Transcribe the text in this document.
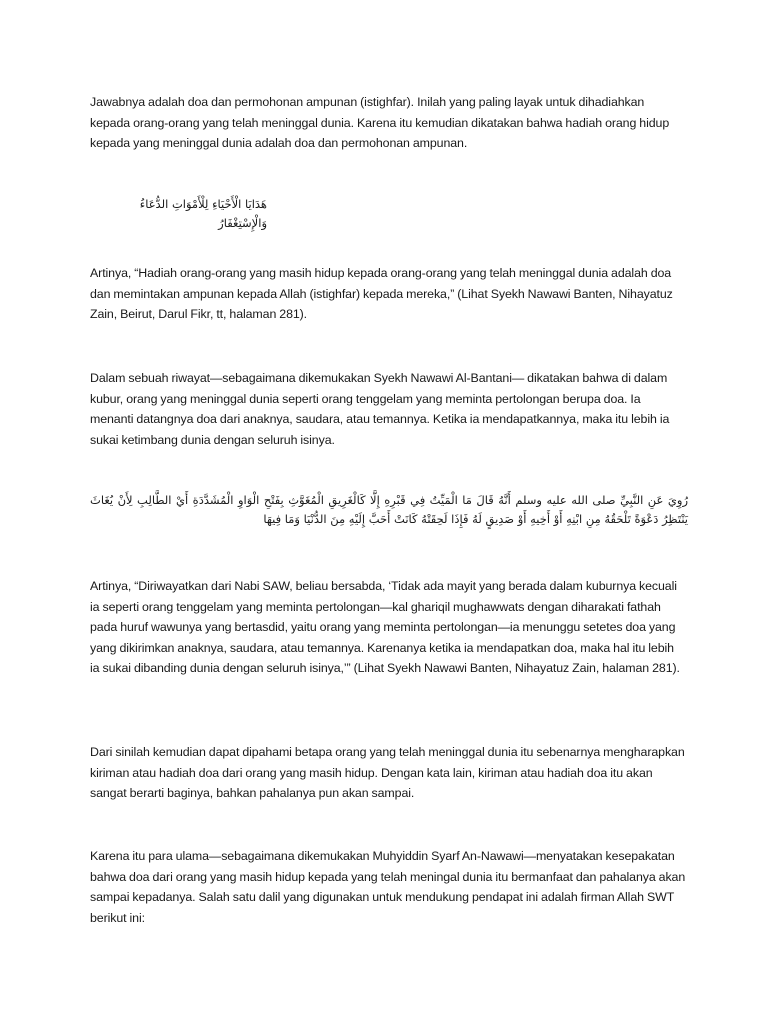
Jawabnya adalah doa dan permohonan ampunan (istighfar). Inilah yang paling layak untuk dihadiahkan kepada orang-orang yang telah meninggal dunia. Karena itu kemudian dikatakan bahwa hadiah orang hidup kepada yang meninggal dunia adalah doa dan permohonan ampunan.

هَدَايَا الْأَحْيَاءِ لِلْأَمْوَاتِ الدُّعَاءُ وَالْإِسْتِغْفَارُ

Artinya, “Hadiah orang-orang yang masih hidup kepada orang-orang yang telah meninggal dunia adalah doa dan memintakan ampunan kepada Allah (istighfar) kepada mereka,” (Lihat Syekh Nawawi Banten, Nihayatuz Zain, Beirut, Darul Fikr, tt, halaman 281).

Dalam sebuah riwayat—sebagaimana dikemukakan Syekh Nawawi Al-Bantani— dikatakan bahwa di dalam kubur, orang yang meninggal dunia seperti orang tenggelam yang meminta pertolongan berupa doa. Ia menanti datangnya doa dari anaknya, saudara, atau temannya. Ketika ia mendapatkannya, maka itu lebih ia sukai ketimbang dunia dengan seluruh isinya.

رُوِيَ عَنِ النَّبِيِّ صلى الله عليه وسلم أَنَّهُ قَالَ مَا الْمَيِّتُ فِي قَبْرِهِ إِلَّا كَالْغَرِيقِ الْمُغَوَّثِ بِفَتْحِ الْوَاوِ الْمُشَدَّدَةِ أَيْ الطَّالِبِ لِأَنْ يُغَاثَ يَنْتَظِرُ دَعْوَةً تَلْحَقُهُ مِنِ ابْنِهِ أَوْ أَخِيهِ أَوْ صَدِيقٍ لَهُ فَإِذَا لَحِقَتْهُ كَانَتْ أَحَبَّ إِلَيْهِ مِنَ الدُّنْيَا وَمَا فِيهَا

Artinya, “Diriwayatkan dari Nabi SAW, beliau bersabda, ‘Tidak ada mayit yang berada dalam kuburnya kecuali ia seperti orang tenggelam yang meminta pertolongan—kal ghariqil mughawwats dengan diharakati fathah pada huruf wawunya yang bertasdid, yaitu orang yang meminta pertolongan—ia menunggu setetes doa yang yang dikirimkan anaknya, saudara, atau temannya. Karenanya ketika ia mendapatkan doa, maka hal itu lebih ia sukai dibanding dunia dengan seluruh isinya,’” (Lihat Syekh Nawawi Banten, Nihayatuz Zain, halaman 281).

Dari sinilah kemudian dapat dipahami betapa orang yang telah meninggal dunia itu sebenarnya mengharapkan kiriman atau hadiah doa dari orang yang masih hidup. Dengan kata lain, kiriman atau hadiah doa itu akan sangat berarti baginya, bahkan pahalanya pun akan sampai.

Karena itu para ulama—sebagaimana dikemukakan Muhyiddin Syarf An-Nawawi—menyatakan kesepakatan bahwa doa dari orang yang masih hidup kepada yang telah meningal dunia itu bermanfaat dan pahalanya akan sampai kepadanya. Salah satu dalil yang digunakan untuk mendukung pendapat ini adalah firman Allah SWT berikut ini:
